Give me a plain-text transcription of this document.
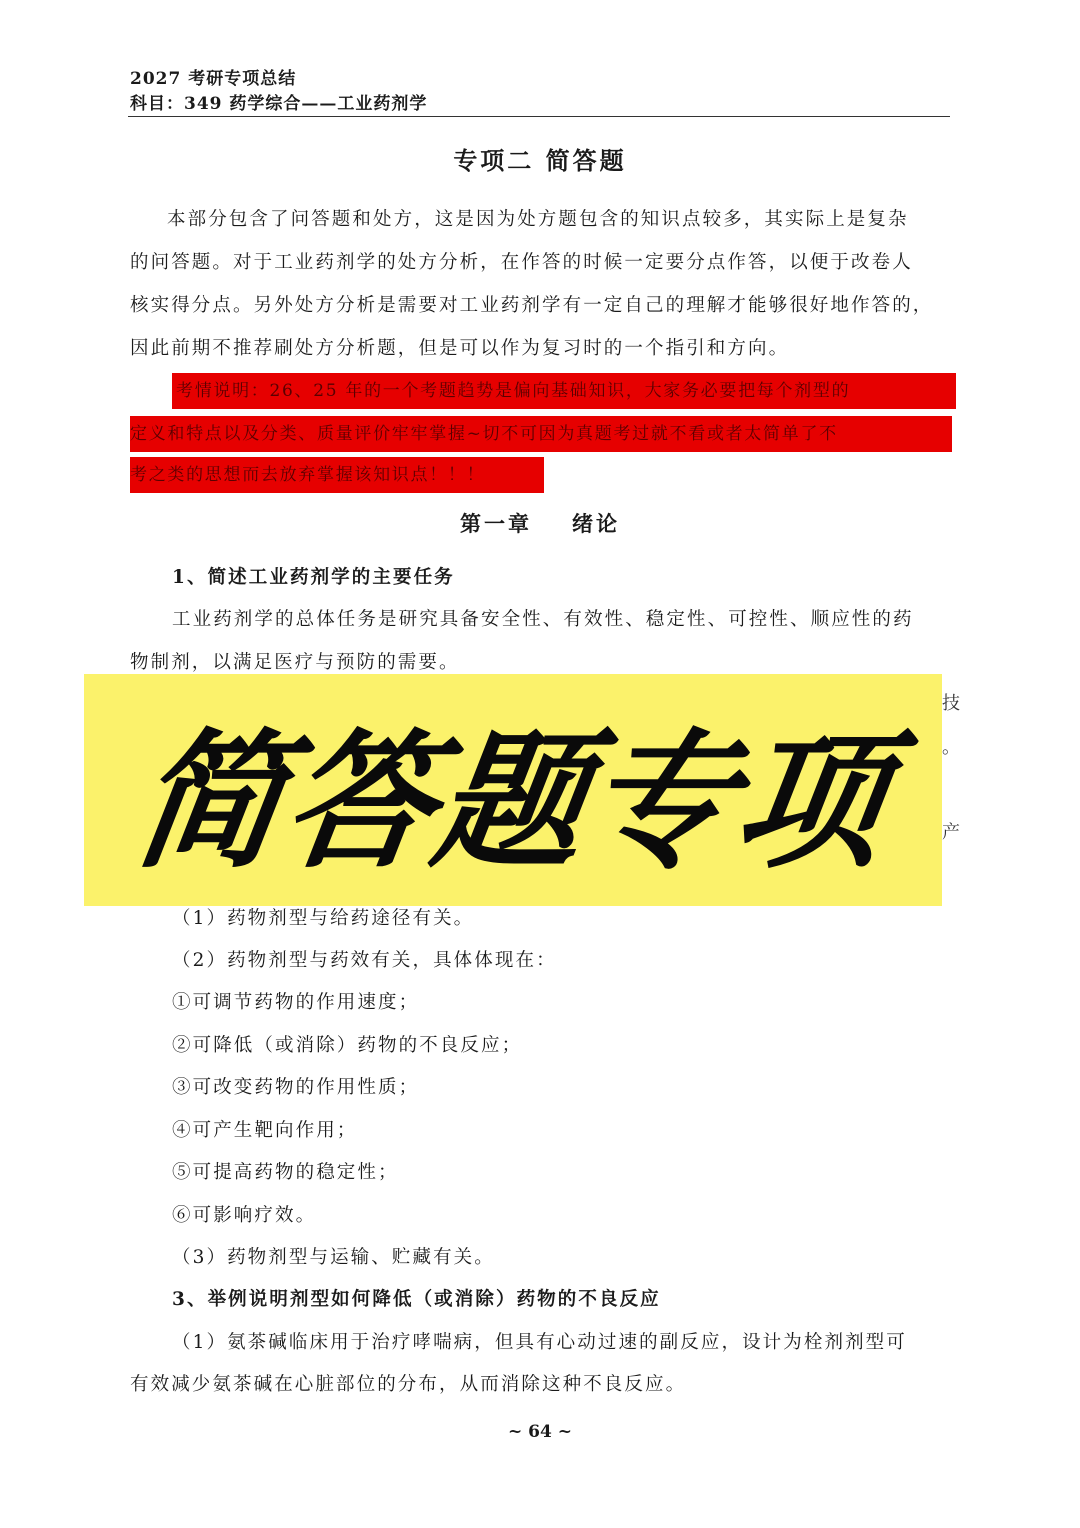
2027 考研专项总结
科目：349 药学综合——工业药剂学
专项二 简答题

本部分包含了问答题和处方，这是因为处方题包含的知识点较多，其实际上是复杂

的问答题。对于工业药剂学的处方分析，在作答的时候一定要分点作答，以便于改卷人

核实得分点。另外处方分析是需要对工业药剂学有一定自己的理解才能够很好地作答的，

因此前期不推荐刷处方分析题，但是可以作为复习时的一个指引和方向。

考情说明：26、25 年的一个考题趋势是偏向基础知识，大家务必要把每个剂型的
定义和特点以及分类、质量评价牢牢掌握~切不可因为真题考过就不看或者太简单了不
考之类的思想而去放弃掌握该知识点！！！
第一章 绪论
1、简述工业药剂学的主要任务
工业药剂学的总体任务是研究具备安全性、有效性、稳定性、可控性、顺应性的药
物制剂，以满足医疗与预防的需要。
技
。
产
简答题专项
（1）药物剂型与给药途径有关。
（2）药物剂型与药效有关，具体体现在：
①可调节药物的作用速度；
②可降低（或消除）药物的不良反应；
③可改变药物的作用性质；
④可产生靶向作用；
⑤可提高药物的稳定性；
⑥可影响疗效。
（3）药物剂型与运输、贮藏有关。
3、举例说明剂型如何降低（或消除）药物的不良反应
（1）氨茶碱临床用于治疗哮喘病，但具有心动过速的副反应，设计为栓剂剂型可
有效减少氨茶碱在心脏部位的分布，从而消除这种不良反应。
~ 64 ~
